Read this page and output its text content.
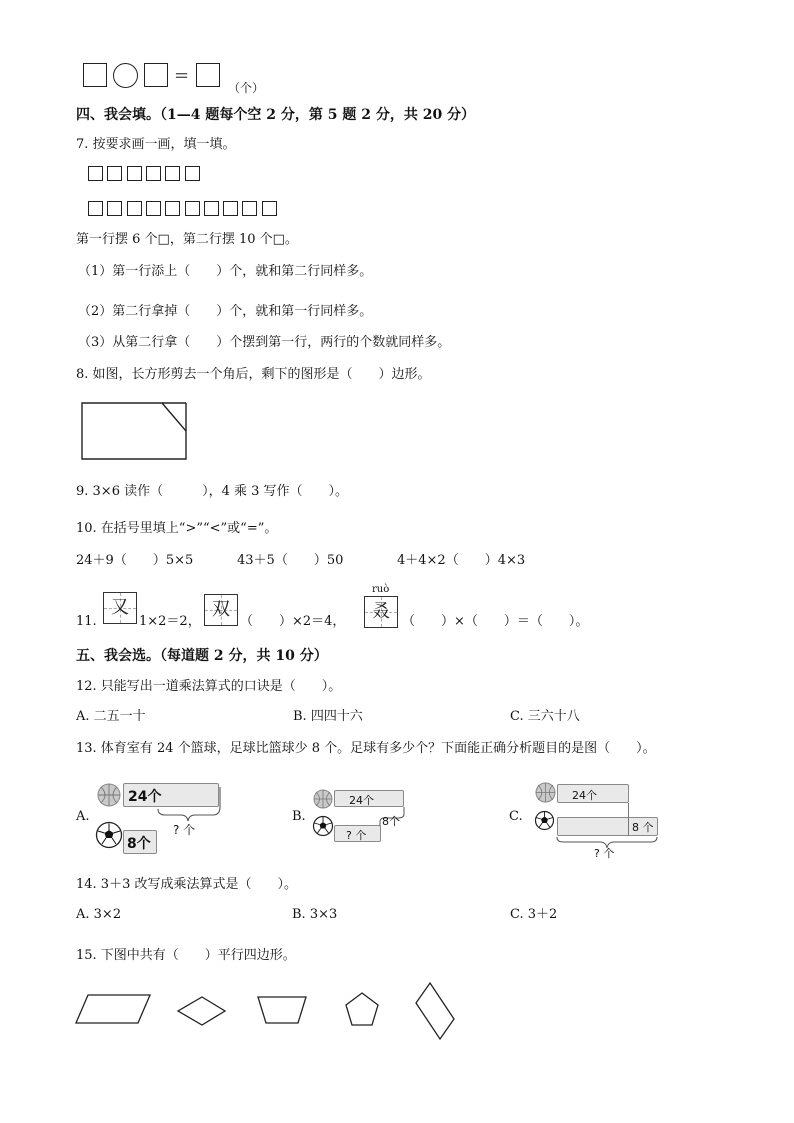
=
（个）
四、我会填。（1—4 题每个空 2 分，第 5 题 2 分，共 20 分）
7. 按要求画一画，填一填。
第一行摆 6 个□，第二行摆 10 个□。
（1）第一行添上（　　）个，就和第二行同样多。
（2）第二行拿掉（　　）个，就和第一行同样多。
（3）从第二行拿（　　）个摆到第一行，两行的个数就同样多。
8. 如图，长方形剪去一个角后，剩下的图形是（　　）边形。
9. 3×6 读作（　　　），4 乘 3 写作（　　）。
10. 在括号里填上“>”“<”或“=”。
24＋9（　　）5×5	43＋5（　　）50	4＋4×2（　　）4×3
11.
又
1×2＝2，
双
（　　）×2＝4，
ruò
叒 （　　）×（　　）＝（　　）。
五、我会选。（每道题 2 分，共 10 分）
12. 只能写出一道乘法算式的口诀是（　　）。
A. 二五一十	B. 四四十六	C. 三六十八
13. 体育室有 24 个篮球，足球比篮球少 8 个。足球有多少个？下面能正确分析题目的是图（　　）。
A.
24个
8个
? 个
B.
24个
? 个
8个	C.
24个
8 个
? 个
14. 3＋3 改写成乘法算式是（　　）。
A. 3×2	B. 3×3	C. 3＋2
15. 下图中共有（　　）平行四边形。
